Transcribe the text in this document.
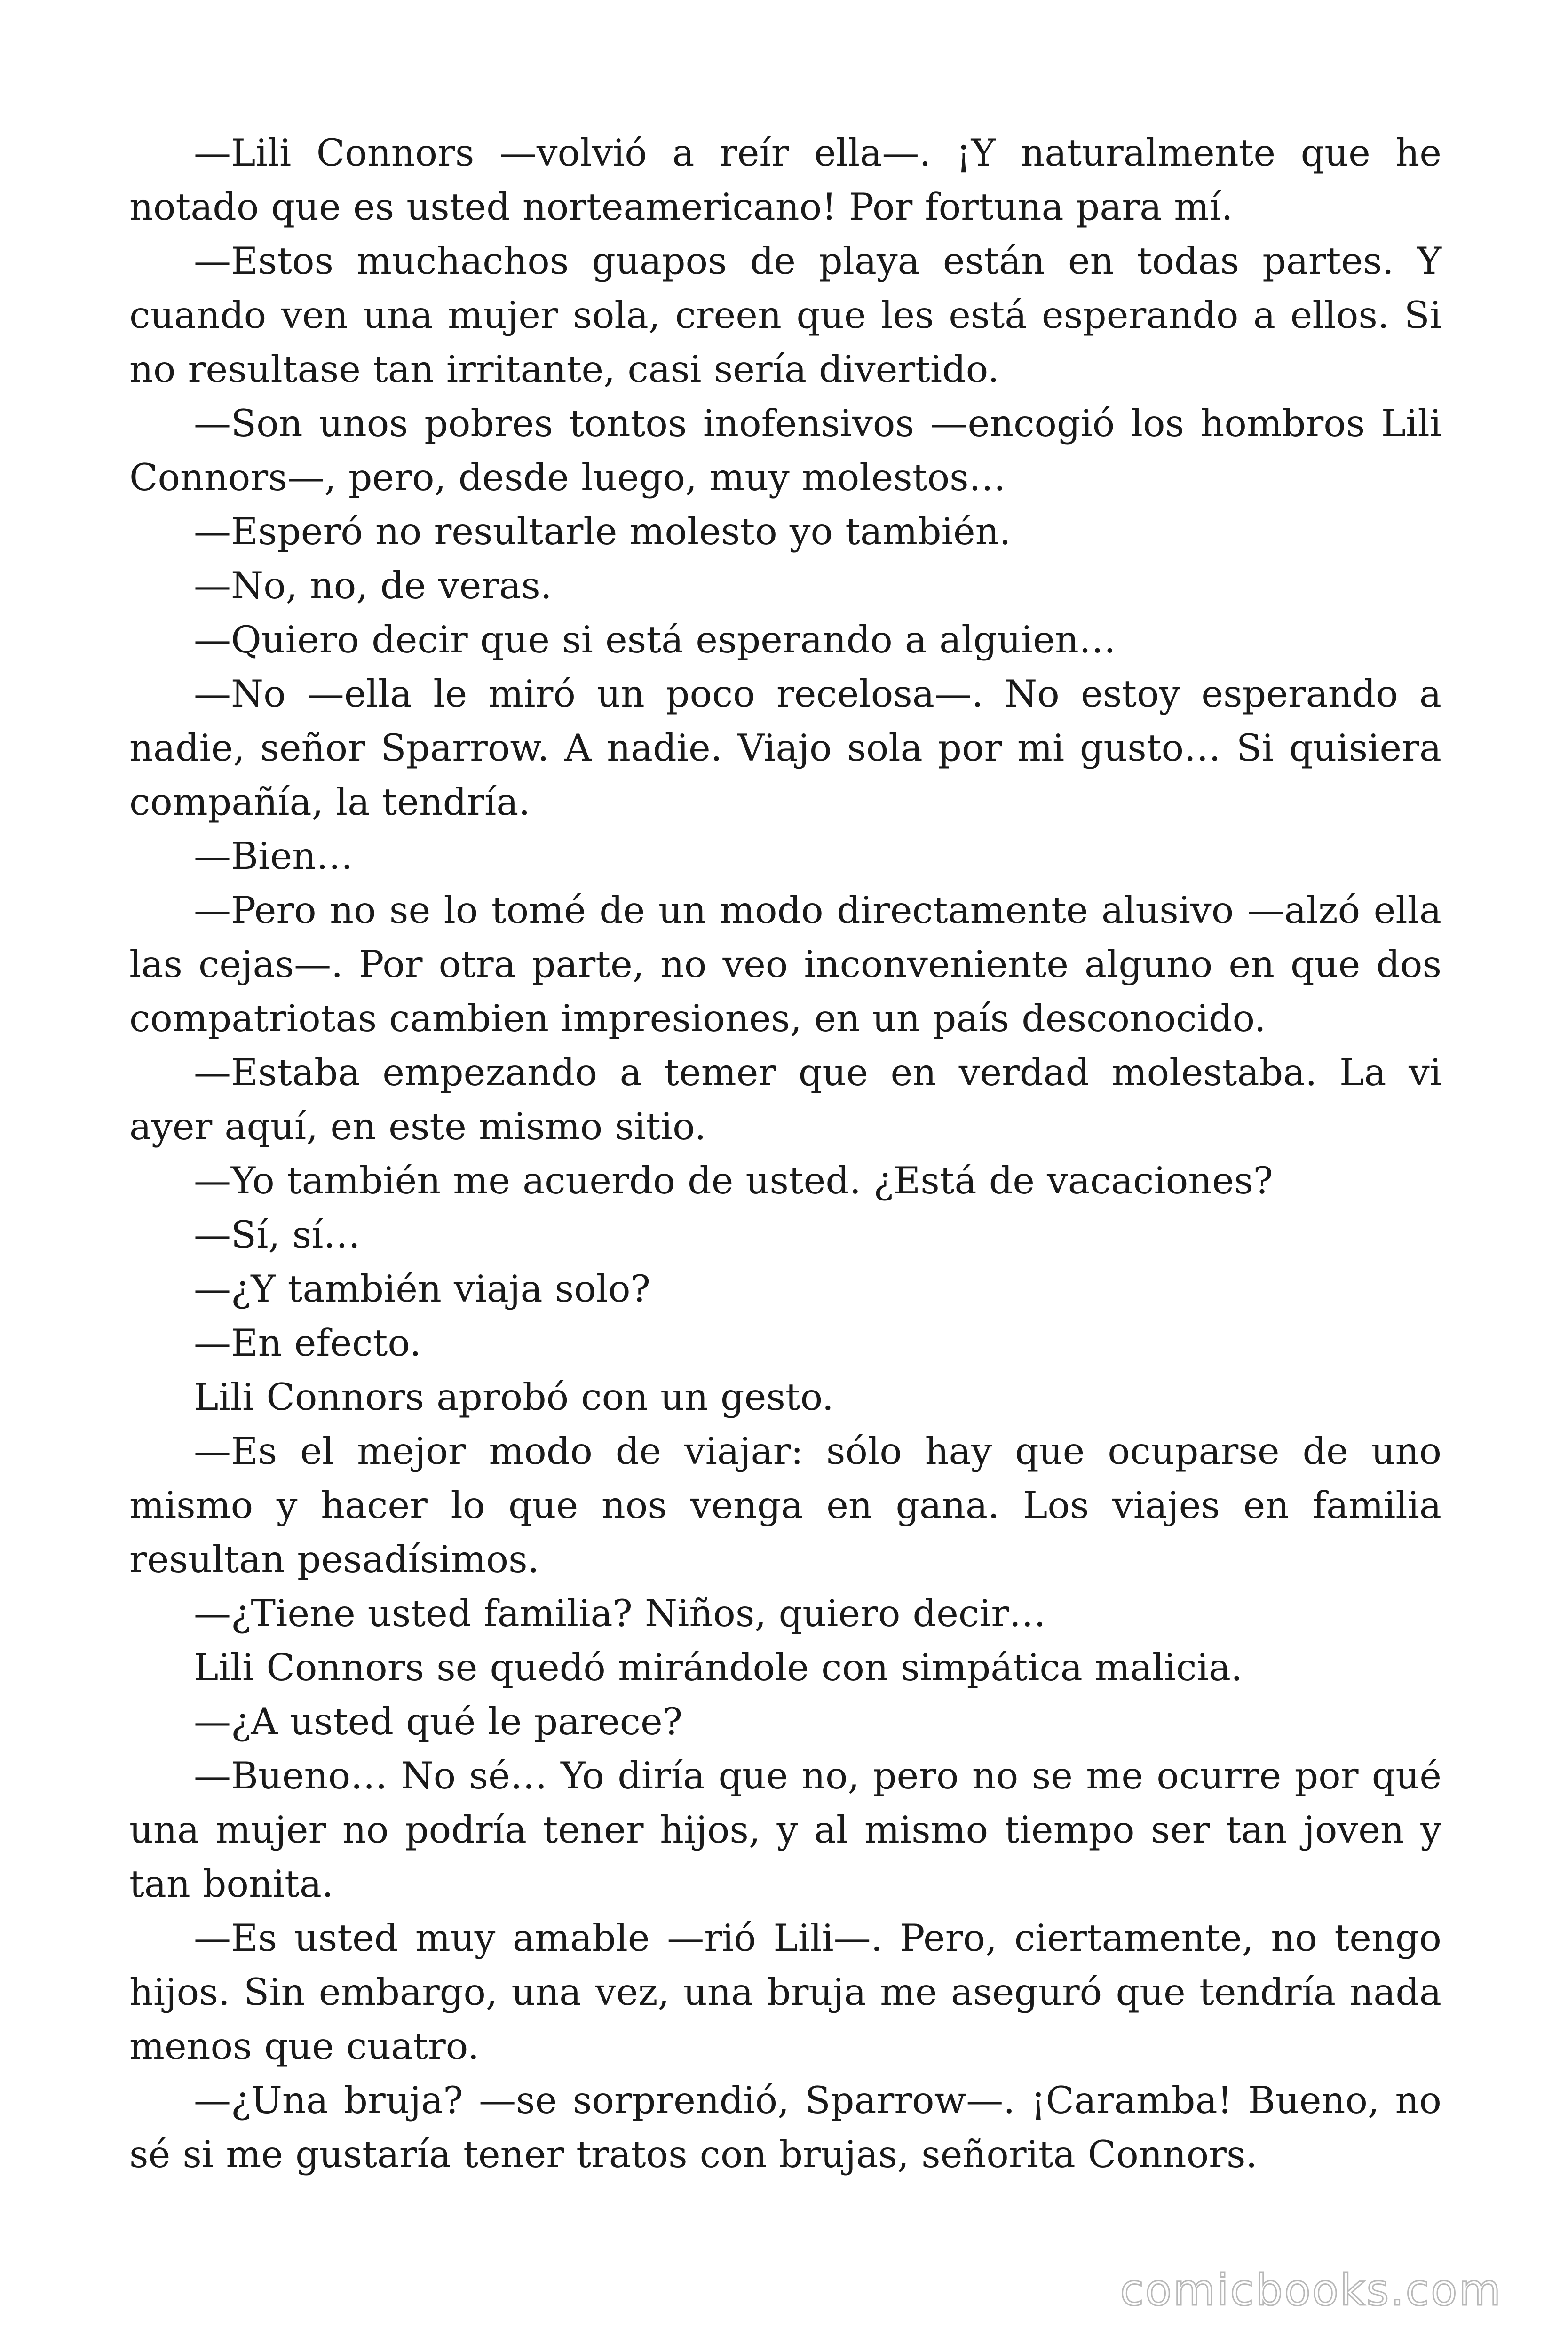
—Lili Connors —volvió a reír ella—. ¡Y naturalmente que he notado que es usted norteamericano! Por fortuna para mí.

—Estos muchachos guapos de playa están en todas partes. Y cuando ven una mujer sola, creen que les está esperando a ellos. Si no resultase tan irritante, casi sería divertido.

—Son unos pobres tontos inofensivos —encogió los hombros Lili Connors—, pero, desde luego, muy molestos…

—Esperó no resultarle molesto yo también.

—No, no, de veras.

—Quiero decir que si está esperando a alguien…

—No —ella le miró un poco recelosa—. No estoy esperando a nadie, señor Sparrow. A nadie. Viajo sola por mi gusto… Si quisiera compañía, la tendría.

—Bien…

—Pero no se lo tomé de un modo directamente alusivo —alzó ella las cejas—. Por otra parte, no veo inconveniente alguno en que dos compatriotas cambien impresiones, en un país desconocido.

—Estaba empezando a temer que en verdad molestaba. La vi ayer aquí, en este mismo sitio.

—Yo también me acuerdo de usted. ¿Está de vacaciones?

—Sí, sí…

—¿Y también viaja solo?

—En efecto.

Lili Connors aprobó con un gesto.

—Es el mejor modo de viajar: sólo hay que ocuparse de uno mismo y hacer lo que nos venga en gana. Los viajes en familia resultan pesadísimos.

—¿Tiene usted familia? Niños, quiero decir…

Lili Connors se quedó mirándole con simpática malicia.

—¿A usted qué le parece?

—Bueno… No sé… Yo diría que no, pero no se me ocurre por qué una mujer no podría tener hijos, y al mismo tiempo ser tan joven y tan bonita.

—Es usted muy amable —rió Lili—. Pero, ciertamente, no tengo hijos. Sin embargo, una vez, una bruja me aseguró que tendría nada menos que cuatro.

—¿Una bruja? —se sorprendió, Sparrow—. ¡Caramba! Bueno, no sé si me gustaría tener tratos con brujas, señorita Connors.

comicbooks.com
